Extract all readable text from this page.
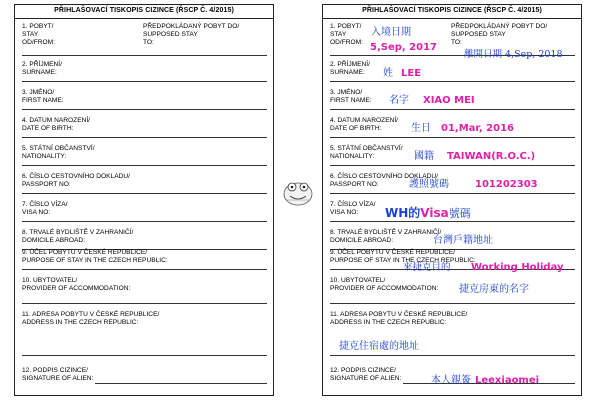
PŘIHLAŠOVACÍ TISKOPIS CIZINCE (ŘSCP Č. 4/2015)
1. POBYT/
STAY
OD/FROM:
PŘEDPOKLÁDANÝ POBYT DO/
SUPPOSED STAY
TO:
2. PŘÍJMENÍ/
SURNAME:
3. JMÉNO/
FIRST NAME:
4. DATUM NAROZENÍ/
DATE OF BIRTH:
5. STÁTNÍ OBČANSTVÍ/
NATIONALITY:
6. ČÍSLO CESTOVNÍHO DOKLADU/
PASSPORT NO:
7. ČÍSLO VÍZA/
VISA NO:
8. TRVALÉ BYDLIŠTĚ V ZAHRANIČÍ/
DOMICILE ABROAD:
9. ÚČEL POBYTU V ČESKÉ REPUBLICE/
PURPOSE OF STAY IN THE CZECH REPUBLIC:
10. UBYTOVATEL/
PROVIDER OF ACCOMMODATION:
11. ADRESA POBYTU V ČESKÉ REPUBLICE/
ADDRESS IN THE CZECH REPUBLIC:
12. PODPIS CIZINCE/
SIGNATURE OF ALIEN:
PŘIHLAŠOVACÍ TISKOPIS CIZINCE (ŘSCP Č. 4/2015)
1. POBYT/
STAY
OD/FROM:
PŘEDPOKLÁDANÝ POBYT DO/
SUPPOSED STAY
TO:
2. PŘÍJMENÍ/
SURNAME:
3. JMÉNO/
FIRST NAME:
4. DATUM NAROZENÍ/
DATE OF BIRTH:
5. STÁTNÍ OBČANSTVÍ/
NATIONALITY:
6. ČÍSLO CESTOVNÍHO DOKLADU/
PASSPORT NO:
7. ČÍSLO VÍZA/
VISA NO:
8. TRVALÉ BYDLIŠTĚ V ZAHRANIČÍ/
DOMICILE ABROAD:
9. ÚČEL POBYTU V ČESKÉ REPUBLICE/
PURPOSE OF STAY IN THE CZECH REPUBLIC:
10. UBYTOVATEL/
PROVIDER OF ACCOMMODATION:
11. ADRESA POBYTU V ČESKÉ REPUBLICE/
ADDRESS IN THE CZECH REPUBLIC:
12. PODPIS CIZINCE/
SIGNATURE OF ALIEN:
入境日期
5,Sep, 2017
離開日期 4,Sep, 2018
姓 LEE
名字 XIAO MEI
生日 01,Mar, 2016
國籍 TAIWAN(R.O.C.)
護照號碼	101202303
WH的Visa號碼
台灣戶籍地址
來捷克目的 Working Holiday
捷克房東的名字
捷克住宿處的地址
本人親簽 Leexiaomei
